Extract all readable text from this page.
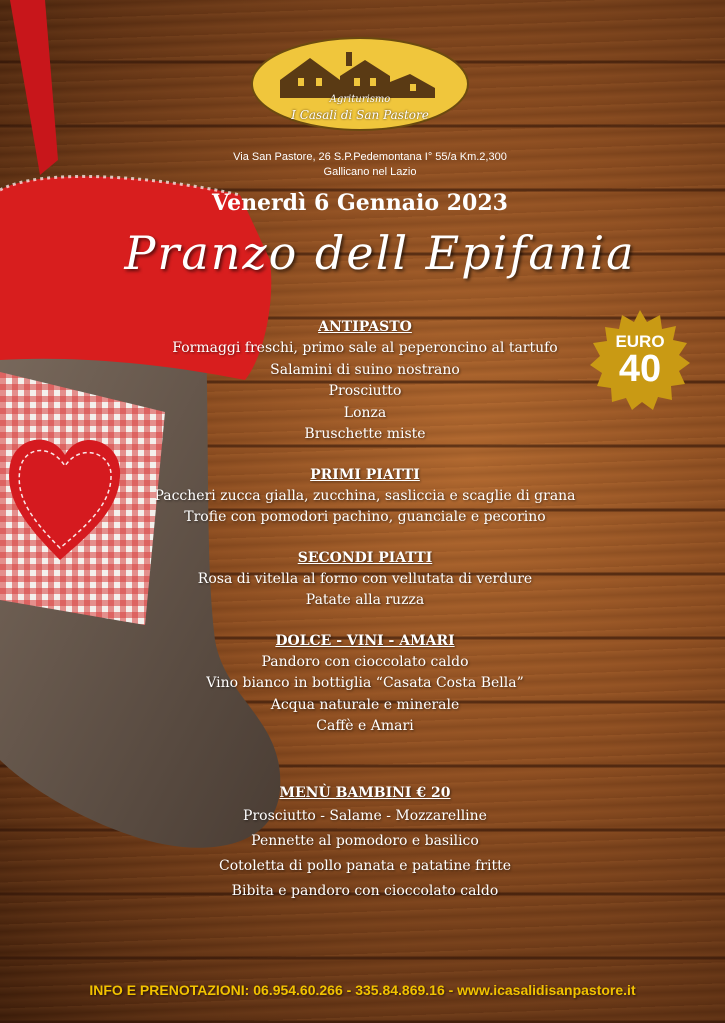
Agriturismo
I Casali di San Pastore
Via San Pastore, 26 S.P.Pedemontana I° 55/a Km.2,300
Gallicano nel Lazio
Venerdì 6 Gennaio 2023
Pranzo dell Epifania
EURO
40
ANTIPASTO
Formaggi freschi, primo sale al peperoncino al tartufo
Salamini di suino nostrano
Prosciutto
Lonza
Bruschette miste
PRIMI PIATTI
Paccheri zucca gialla, zucchina, sasliccia e scaglie di grana
Trofie con pomodori pachino, guanciale e pecorino
SECONDI PIATTI
Rosa di vitella al forno con vellutata di verdure
Patate alla ruzza
DOLCE - VINI - AMARI
Pandoro con cioccolato caldo
Vino bianco in bottiglia “Casata Costa Bella”
Acqua naturale e minerale
Caffè e Amari
MENÙ BAMBINI € 20
Prosciutto - Salame - Mozzarelline
Pennette al pomodoro e basilico
Cotoletta di pollo panata e patatine fritte
Bibita e pandoro con cioccolato caldo
INFO E PRENOTAZIONI: 06.954.60.266 - 335.84.869.16 - www.icasalidisanpastore.it
